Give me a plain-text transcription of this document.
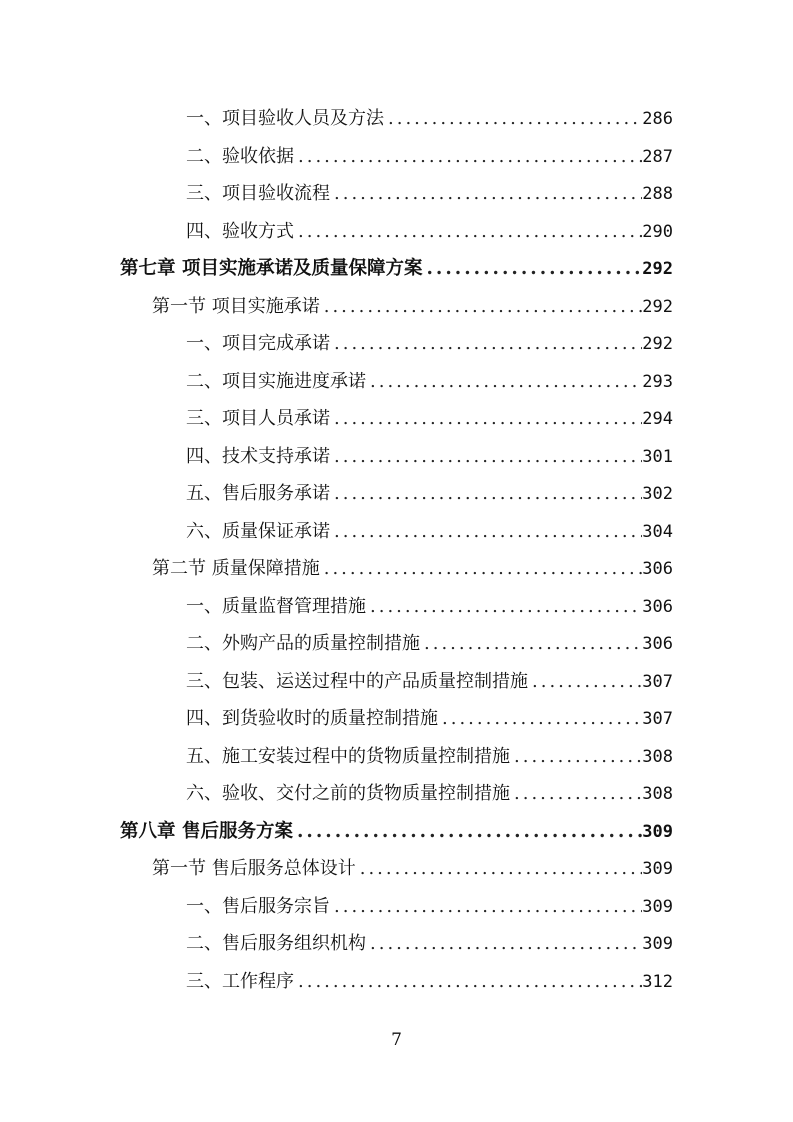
一、项目验收人员及方法 .....	286
二、验收依据 .....	287
三、项目验收流程 .....	288
四、验收方式 .....	290
第七章 项目实施承诺及质量保障方案 .....	292
第一节 项目实施承诺 .....	292
一、项目完成承诺 .....	292
二、项目实施进度承诺 .....	293
三、项目人员承诺 .....	294
四、技术支持承诺 .....	301
五、售后服务承诺 .....	302
六、质量保证承诺 .....	304
第二节 质量保障措施 .....	306
一、质量监督管理措施 .....	306
二、外购产品的质量控制措施 .....	306
三、包装、运送过程中的产品质量控制措施 .....	307
四、到货验收时的质量控制措施 .....	307
五、施工安装过程中的货物质量控制措施 .....	308
六、验收、交付之前的货物质量控制措施 .....	308
第八章 售后服务方案 .....	309
第一节 售后服务总体设计 .....	309
一、售后服务宗旨 .....	309
二、售后服务组织机构 .....	309
三、工作程序 .....	312
7
